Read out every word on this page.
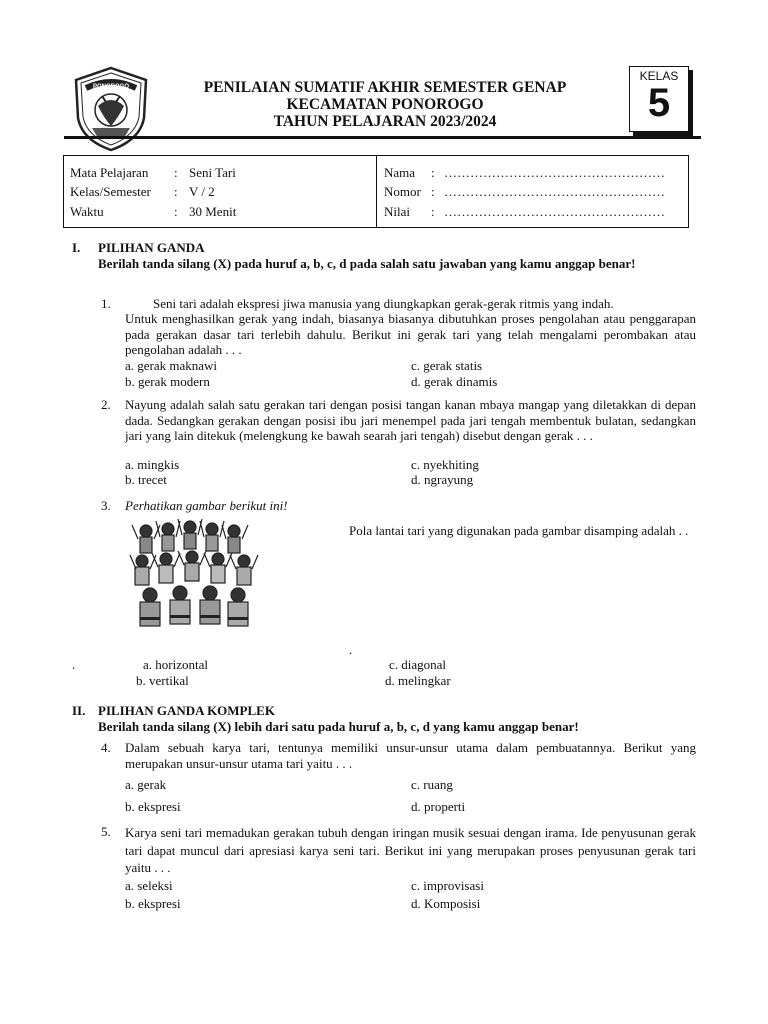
PONOROGO	PENILAIAN SUMATIF AKHIR SEMESTER GENAP
KECAMATAN PONOROGO
TAHUN PELAJARAN 2023/2024
KELAS
5
Mata Pelajaran : Seni Tari
Kelas/Semester : V / 2
Waktu	: 30 Menit
Nama : ……………………………………………
Nomor : ……………………………………………
Nilai : ……………………………………………
I. PILIHAN GANDA
Berilah tanda silang (X) pada huruf a, b, c, d pada salah satu jawaban yang kamu anggap benar!
1.	Seni tari adalah ekspresi jiwa manusia yang diungkapkan gerak-gerak ritmis yang indah.
Untuk menghasilkan gerak yang indah, biasanya biasanya dibutuhkan proses pengolahan atau penggarapan pada gerakan dasar tari terlebih dahulu. Berikut ini gerak tari yang telah mengalami perombakan atau pengolahan adalah . . .
a. gerak maknawi
b. gerak modern
c. gerak statis
d. gerak dinamis
2. Nayung adalah salah satu gerakan tari dengan posisi tangan kanan mbaya mangap yang diletakkan di depan dada. Sedangkan gerakan dengan posisi ibu jari menempel pada jari tengah membentuk bulatan, sedangkan jari yang lain ditekuk (melengkung ke bawah searah jari tengah) disebut dengan gerak . . .
a. mingkis
b. trecet
c. nyekhiting
d. ngrayung
3. Perhatikan gambar berikut ini!
Pola lantai tari yang digunakan pada gambar disamping adalah . .
.
.	a. horizontal
b. vertikal
c. diagonal
d. melingkar
II. PILIHAN GANDA KOMPLEK
Berilah tanda silang (X) lebih dari satu pada huruf a, b, c, d yang kamu anggap benar!
4. Dalam sebuah karya tari, tentunya memiliki unsur-unsur utama dalam pembuatannya. Berikut yang merupakan unsur-unsur utama tari yaitu . . .
a. gerak
b. ekspresi
c. ruang
d. properti
5. Karya seni tari memadukan gerakan tubuh dengan iringan musik sesuai dengan irama. Ide penyusunan gerak tari dapat muncul dari apresiasi karya seni tari. Berikut ini yang merupakan proses penyusunan gerak tari yaitu . . .
a. seleksi
b. ekspresi
c. improvisasi
d. Komposisi
